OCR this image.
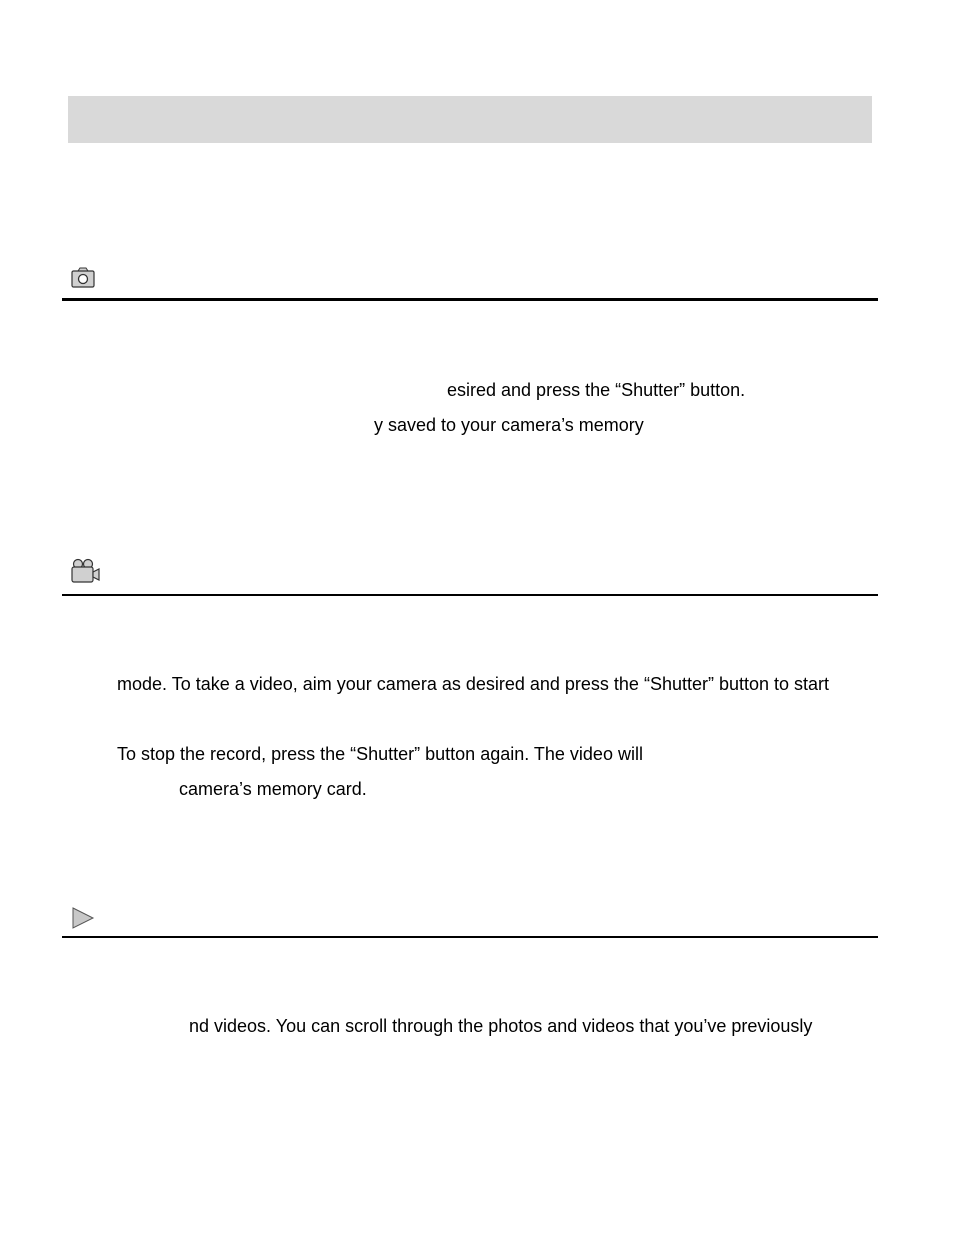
esired and press the “Shutter” button.
y saved to your camera’s memory
mode. To take a video, aim your camera as desired and press the “Shutter” button to start
To stop the record, press the “Shutter” button again. The video will
camera’s memory card.
nd videos. You can scroll through the photos and videos that you’ve previously
